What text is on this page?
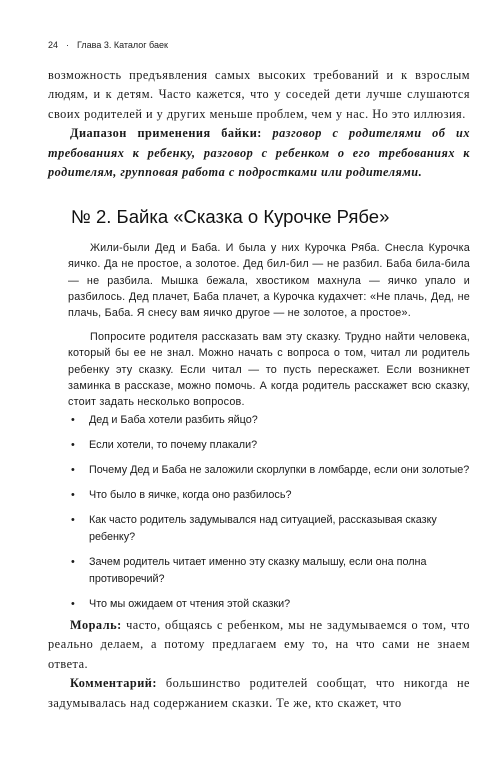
24 · Глава 3. Каталог баек

возможность предъявления самых высоких требований и к взрослым людям, и к детям. Часто кажется, что у соседей дети лучше слушаются своих родителей и у других меньше проблем, чем у нас. Но это иллюзия.

Диапазон применения байки: разговор с родителями об их требованиях к ребенку, разговор с ребенком о его требованиях к родителям, групповая работа с подростками или родителями.

№ 2. Байка «Сказка о Курочке Рябе»

Жили-были Дед и Баба. И была у них Курочка Ряба. Снесла Курочка яичко. Да не простое, а золотое. Дед бил-бил — не разбил. Баба била-била — не разбила. Мышка бежала, хвостиком махнула — яичко упало и разбилось. Дед плачет, Баба плачет, а Курочка кудахчет: «Не плачь, Дед, не плачь, Баба. Я снесу вам яичко другое — не золотое, а простое».

Попросите родителя рассказать вам эту сказку. Трудно найти человека, который бы ее не знал. Можно начать с вопроса о том, читал ли родитель ребенку эту сказку. Если читал — то пусть перескажет. Если возникнет заминка в рассказе, можно помочь. А когда родитель расскажет всю сказку, стоит задать несколько вопросов.

• Дед и Баба хотели разбить яйцо?
• Если хотели, то почему плакали?
• Почему Дед и Баба не заложили скорлупки в ломбарде, если они золотые?
• Что было в яичке, когда оно разбилось?
• Как часто родитель задумывался над ситуацией, рассказывая сказку ребенку?
• Зачем родитель читает именно эту сказку малышу, если она полна противоречий?
• Что мы ожидаем от чтения этой сказки?

Мораль: часто, общаясь с ребенком, мы не задумываемся о том, что реально делаем, а потому предлагаем ему то, на что сами не знаем ответа.

Комментарий: большинство родителей сообщат, что никогда не задумывалась над содержанием сказки. Те же, кто скажет, что
